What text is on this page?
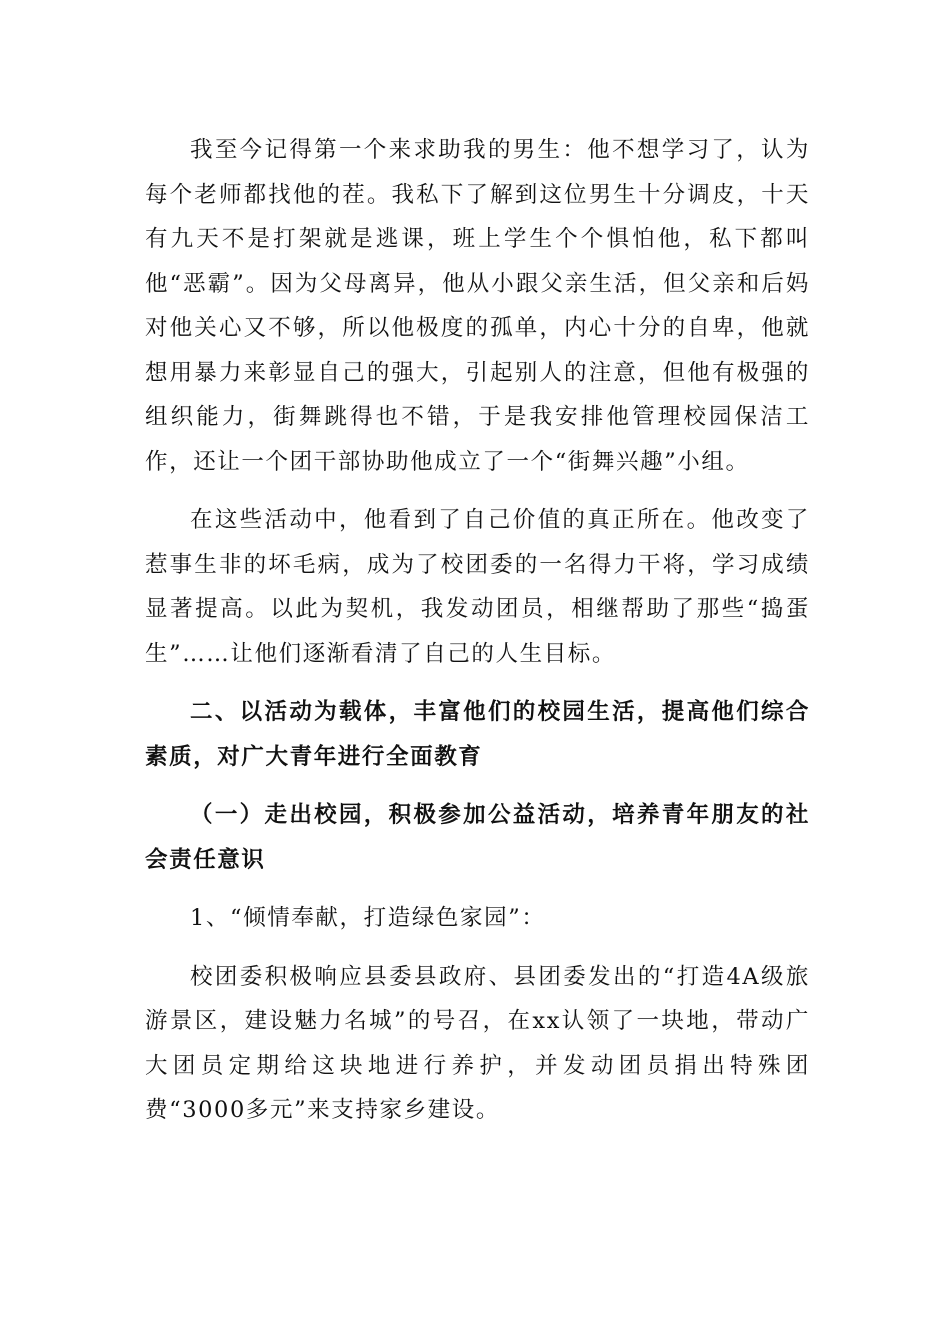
我至今记得第一个来求助我的男生：他不想学习了，认为每个老师都找他的茬。我私下了解到这位男生十分调皮，十天有九天不是打架就是逃课，班上学生个个惧怕他，私下都叫他“恶霸”。因为父母离异，他从小跟父亲生活，但父亲和后妈对他关心又不够，所以他极度的孤单，内心十分的自卑，他就想用暴力来彰显自己的强大，引起别人的注意，但他有极强的组织能力，街舞跳得也不错，于是我安排他管理校园保洁工作，还让一个团干部协助他成立了一个“街舞兴趣”小组。

在这些活动中，他看到了自己价值的真正所在。他改变了惹事生非的坏毛病，成为了校团委的一名得力干将，学习成绩显著提高。以此为契机，我发动团员，相继帮助了那些“捣蛋生”……让他们逐渐看清了自己的人生目标。

二、以活动为载体，丰富他们的校园生活，提高他们综合素质，对广大青年进行全面教育

（一）走出校园，积极参加公益活动，培养青年朋友的社会责任意识

1、“倾情奉献，打造绿色家园”：

校团委积极响应县委县政府、县团委发出的“打造4A级旅游景区，建设魅力名城”的号召，在xx认领了一块地，带动广大团员定期给这块地进行养护，并发动团员捐出特殊团费“3000多元”来支持家乡建设。
